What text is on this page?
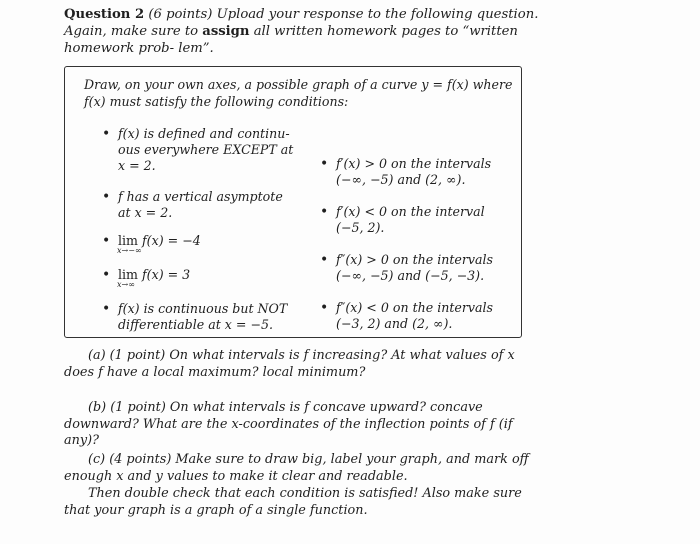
Question 2 (6 points) Upload your response to the following question. Again, make sure to assign all written homework pages to “written homework prob- lem”.
Draw, on your own axes, a possible graph of a curve y = f(x) where f(x) must satisfy the following conditions:
• f(x) is defined and continu- ous everywhere EXCEPT at x = 2.
• f has a vertical asymptote at x = 2.
• lim
x→−∞
f(x) = −4
• lim
x→∞
f(x) = 3
• f(x) is continuous but NOT differentiable at x = −5.
• f′(x) > 0 on the intervals (−∞, −5) and (2, ∞).
• f′(x) < 0 on the interval (−5, 2).
• f″(x) > 0 on the intervals (−∞, −5) and (−5, −3).
• f″(x) < 0 on the intervals (−3, 2) and (2, ∞).
(a) (1 point) On what intervals is f increasing? At what values of x does f have a local maximum? local minimum?
(b) (1 point) On what intervals is f concave upward? concave downward? What are the x-coordinates of the inflection points of f (if any)?
(c) (4 points) Make sure to draw big, label your graph, and mark off enough x and y values to make it clear and readable.
Then double check that each condition is satisfied! Also make sure that your graph is a graph of a single function.
